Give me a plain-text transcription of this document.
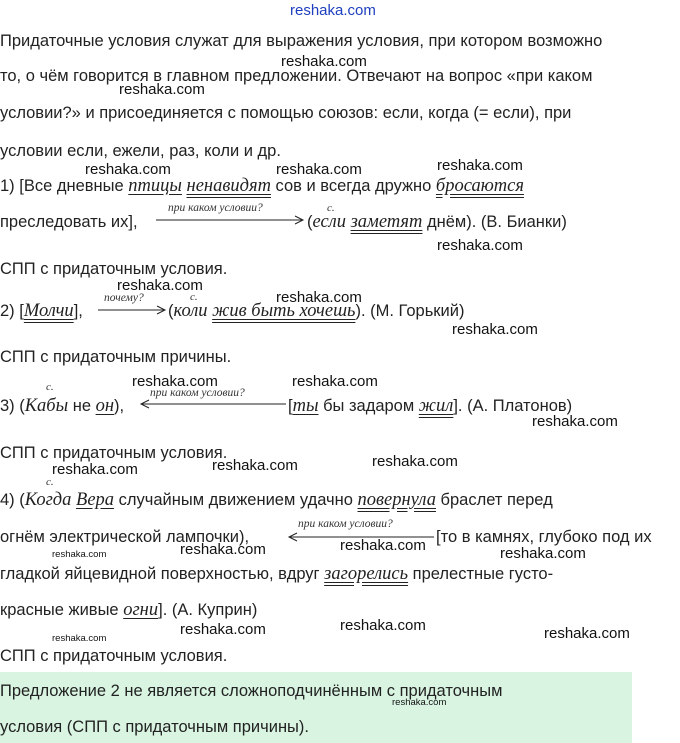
reshaka.com
Придаточные условия служат для выражения условия, при котором возможно
то, о чём говорится в главном предложении. Отвечают на вопрос «при каком
условии?» и присоединяется с помощью союзов: если, когда (= если), при
условии если, ежели, раз, коли и др.
1) [Все дневные птицы ненавидят сов и всегда дружно бросаются
преследовать их],
при каком условии?	с.
(если заметят днём). (В. Бианки)
СПП с придаточным условия.
2) [Молчи],
почему?	с.
(коли жив быть хочешь). (М. Горький)
СПП с придаточным причины.
с.
3) (Кабы не он),
при каком условии?
[ты бы задаром жил]. (А. Платонов)
СПП с придаточным условия.
с.
4) (Когда Вера случайным движением удачно повернула браслет перед
огнём электрической лампочки),
при каком условии?
[то в камнях, глубоко под их
гладкой яйцевидной поверхностью, вдруг загорелись прелестные густо-
красные живые огни]. (А. Куприн)
СПП с придаточным условия.
Предложение 2 не является сложноподчинённым с придаточным
условия (СПП с придаточным причины).
reshaka.com
reshaka.com
reshaka.com	reshaka.com	reshaka.com
reshaka.com
reshaka.com
reshaka.com
reshaka.com
reshaka.com	reshaka.com
reshaka.com
reshaka.com	reshaka.com	reshaka.com
reshaka.com	reshaka.com	reshaka.com
reshaka.com	reshaka.com	reshaka.com
reshaka.com
reshaka.com
reshaka.com
